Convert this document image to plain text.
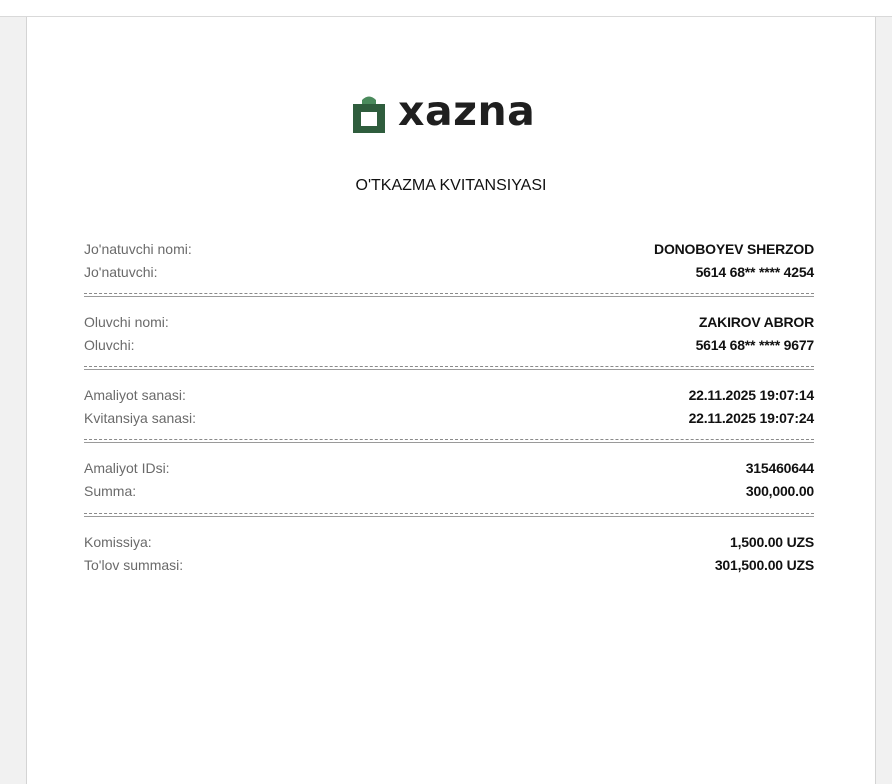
xazna
O'TKAZMA KVITANSIYASI
Jo'natuvchi nomi:	DONOBOYEV SHERZOD
Jo'natuvchi:	5614 68** **** 4254
Oluvchi nomi:	ZAKIROV ABROR
Oluvchi:	5614 68** **** 9677
Amaliyot sanasi:	22.11.2025 19:07:14
Kvitansiya sanasi:	22.11.2025 19:07:24
Amaliyot IDsi:	315460644
Summa:	300,000.00
Komissiya:	1,500.00 UZS
To'lov summasi:	301,500.00 UZS
